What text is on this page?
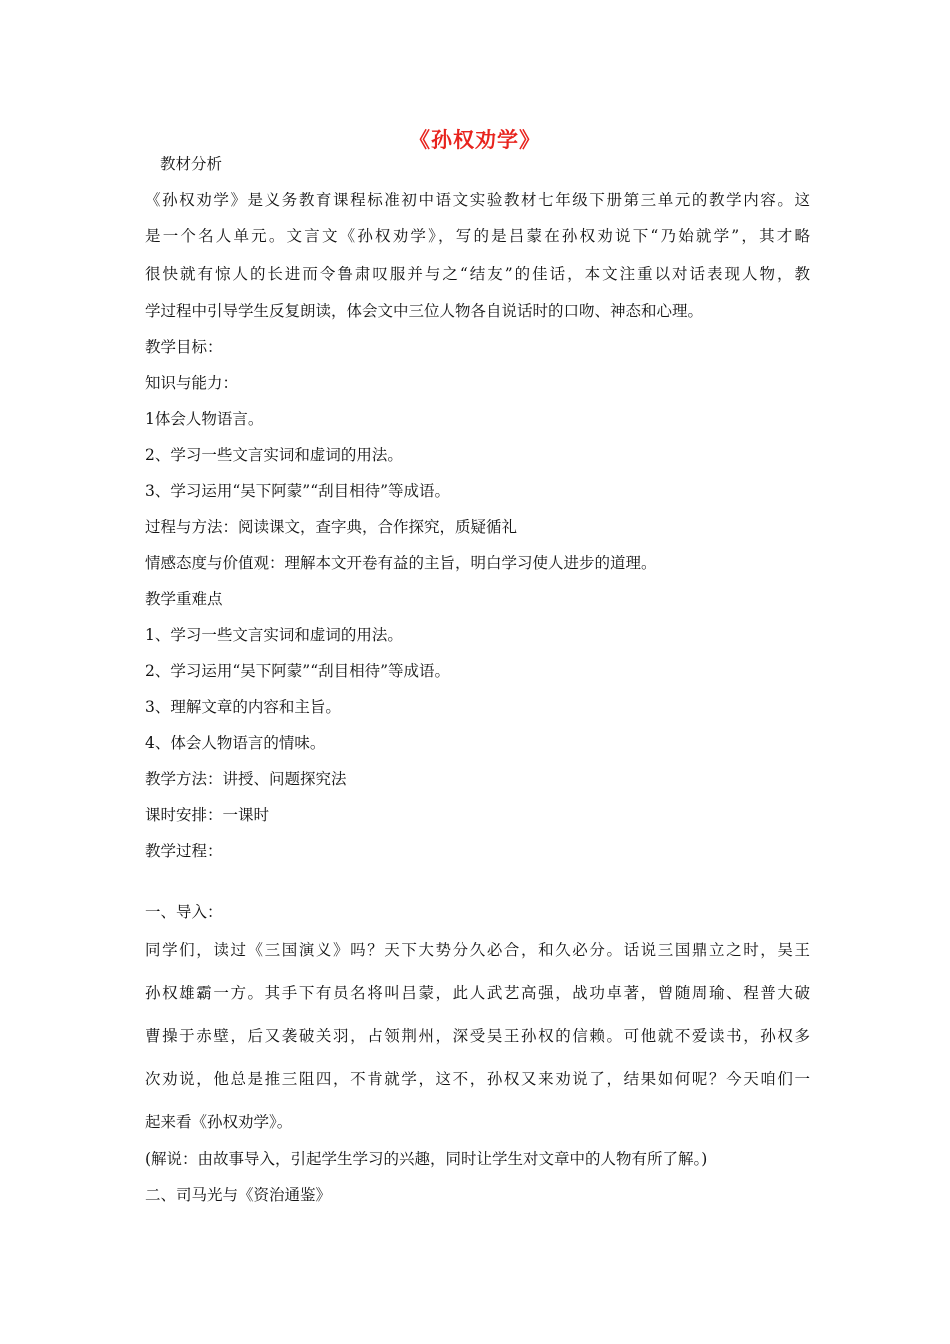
《孙权劝学》
教材分析
《孙权劝学》是义务教育课程标准初中语文实验教材七年级下册第三单元的教学内容。这
是一个名人单元。文言文《孙权劝学》，写的是吕蒙在孙权劝说下“乃始就学”，其才略
很快就有惊人的长进而令鲁肃叹服并与之“结友”的佳话，本文注重以对话表现人物，教
学过程中引导学生反复朗读，体会文中三位人物各自说话时的口吻、神态和心理。
教学目标：
知识与能力：
1体会人物语言。
2、学习一些文言实词和虚词的用法。
3、学习运用“吴下阿蒙”“刮目相待”等成语。
过程与方法：阅读课文，查字典，合作探究，质疑循礼
情感态度与价值观：理解本文开卷有益的主旨，明白学习使人进步的道理。
教学重难点
1、学习一些文言实词和虚词的用法。
2、学习运用“吴下阿蒙”“刮目相待”等成语。
3、理解文章的内容和主旨。
4、体会人物语言的情味。
教学方法：讲授、问题探究法
课时安排：一课时
教学过程：
一、导入：
同学们，读过《三国演义》吗？天下大势分久必合，和久必分。话说三国鼎立之时，吴王
孙权雄霸一方。其手下有员名将叫吕蒙，此人武艺高强，战功卓著，曾随周瑜、程普大破
曹操于赤壁，后又袭破关羽，占领荆州，深受吴王孙权的信赖。可他就不爱读书，孙权多
次劝说，他总是推三阻四，不肯就学，这不，孙权又来劝说了，结果如何呢？今天咱们一
起来看《孙权劝学》。
(解说：由故事导入，引起学生学习的兴趣，同时让学生对文章中的人物有所了解。)
二、司马光与《资治通鉴》
